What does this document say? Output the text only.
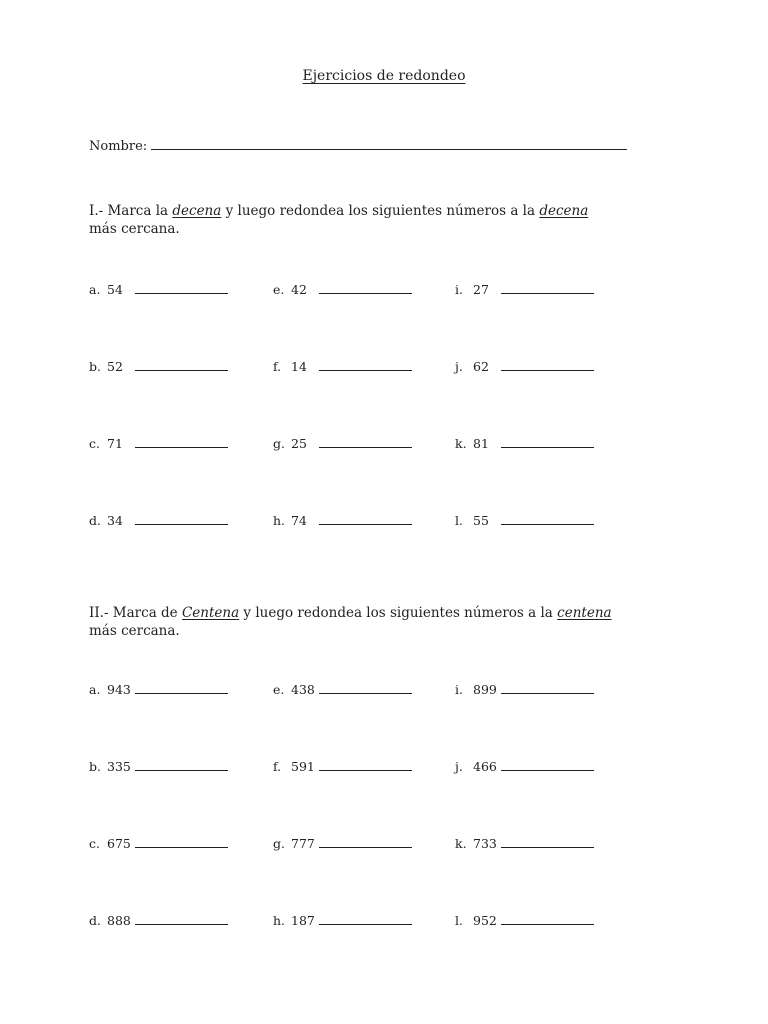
Ejercicios de redondeo
Nombre:
I.- Marca la decena y luego redondea los siguientes números a la decena
más cercana.
a. 54	e. 42	i. 27
b. 52	f. 14	j. 62
c. 71	g. 25	k. 81
d. 34	h. 74	l. 55
II.- Marca de Centena y luego redondea los siguientes números a la centena
más cercana.
a. 943	e. 438	i. 899
b. 335	f. 591	j. 466
c. 675	g. 777	k. 733
d. 888	h. 187	l. 952
